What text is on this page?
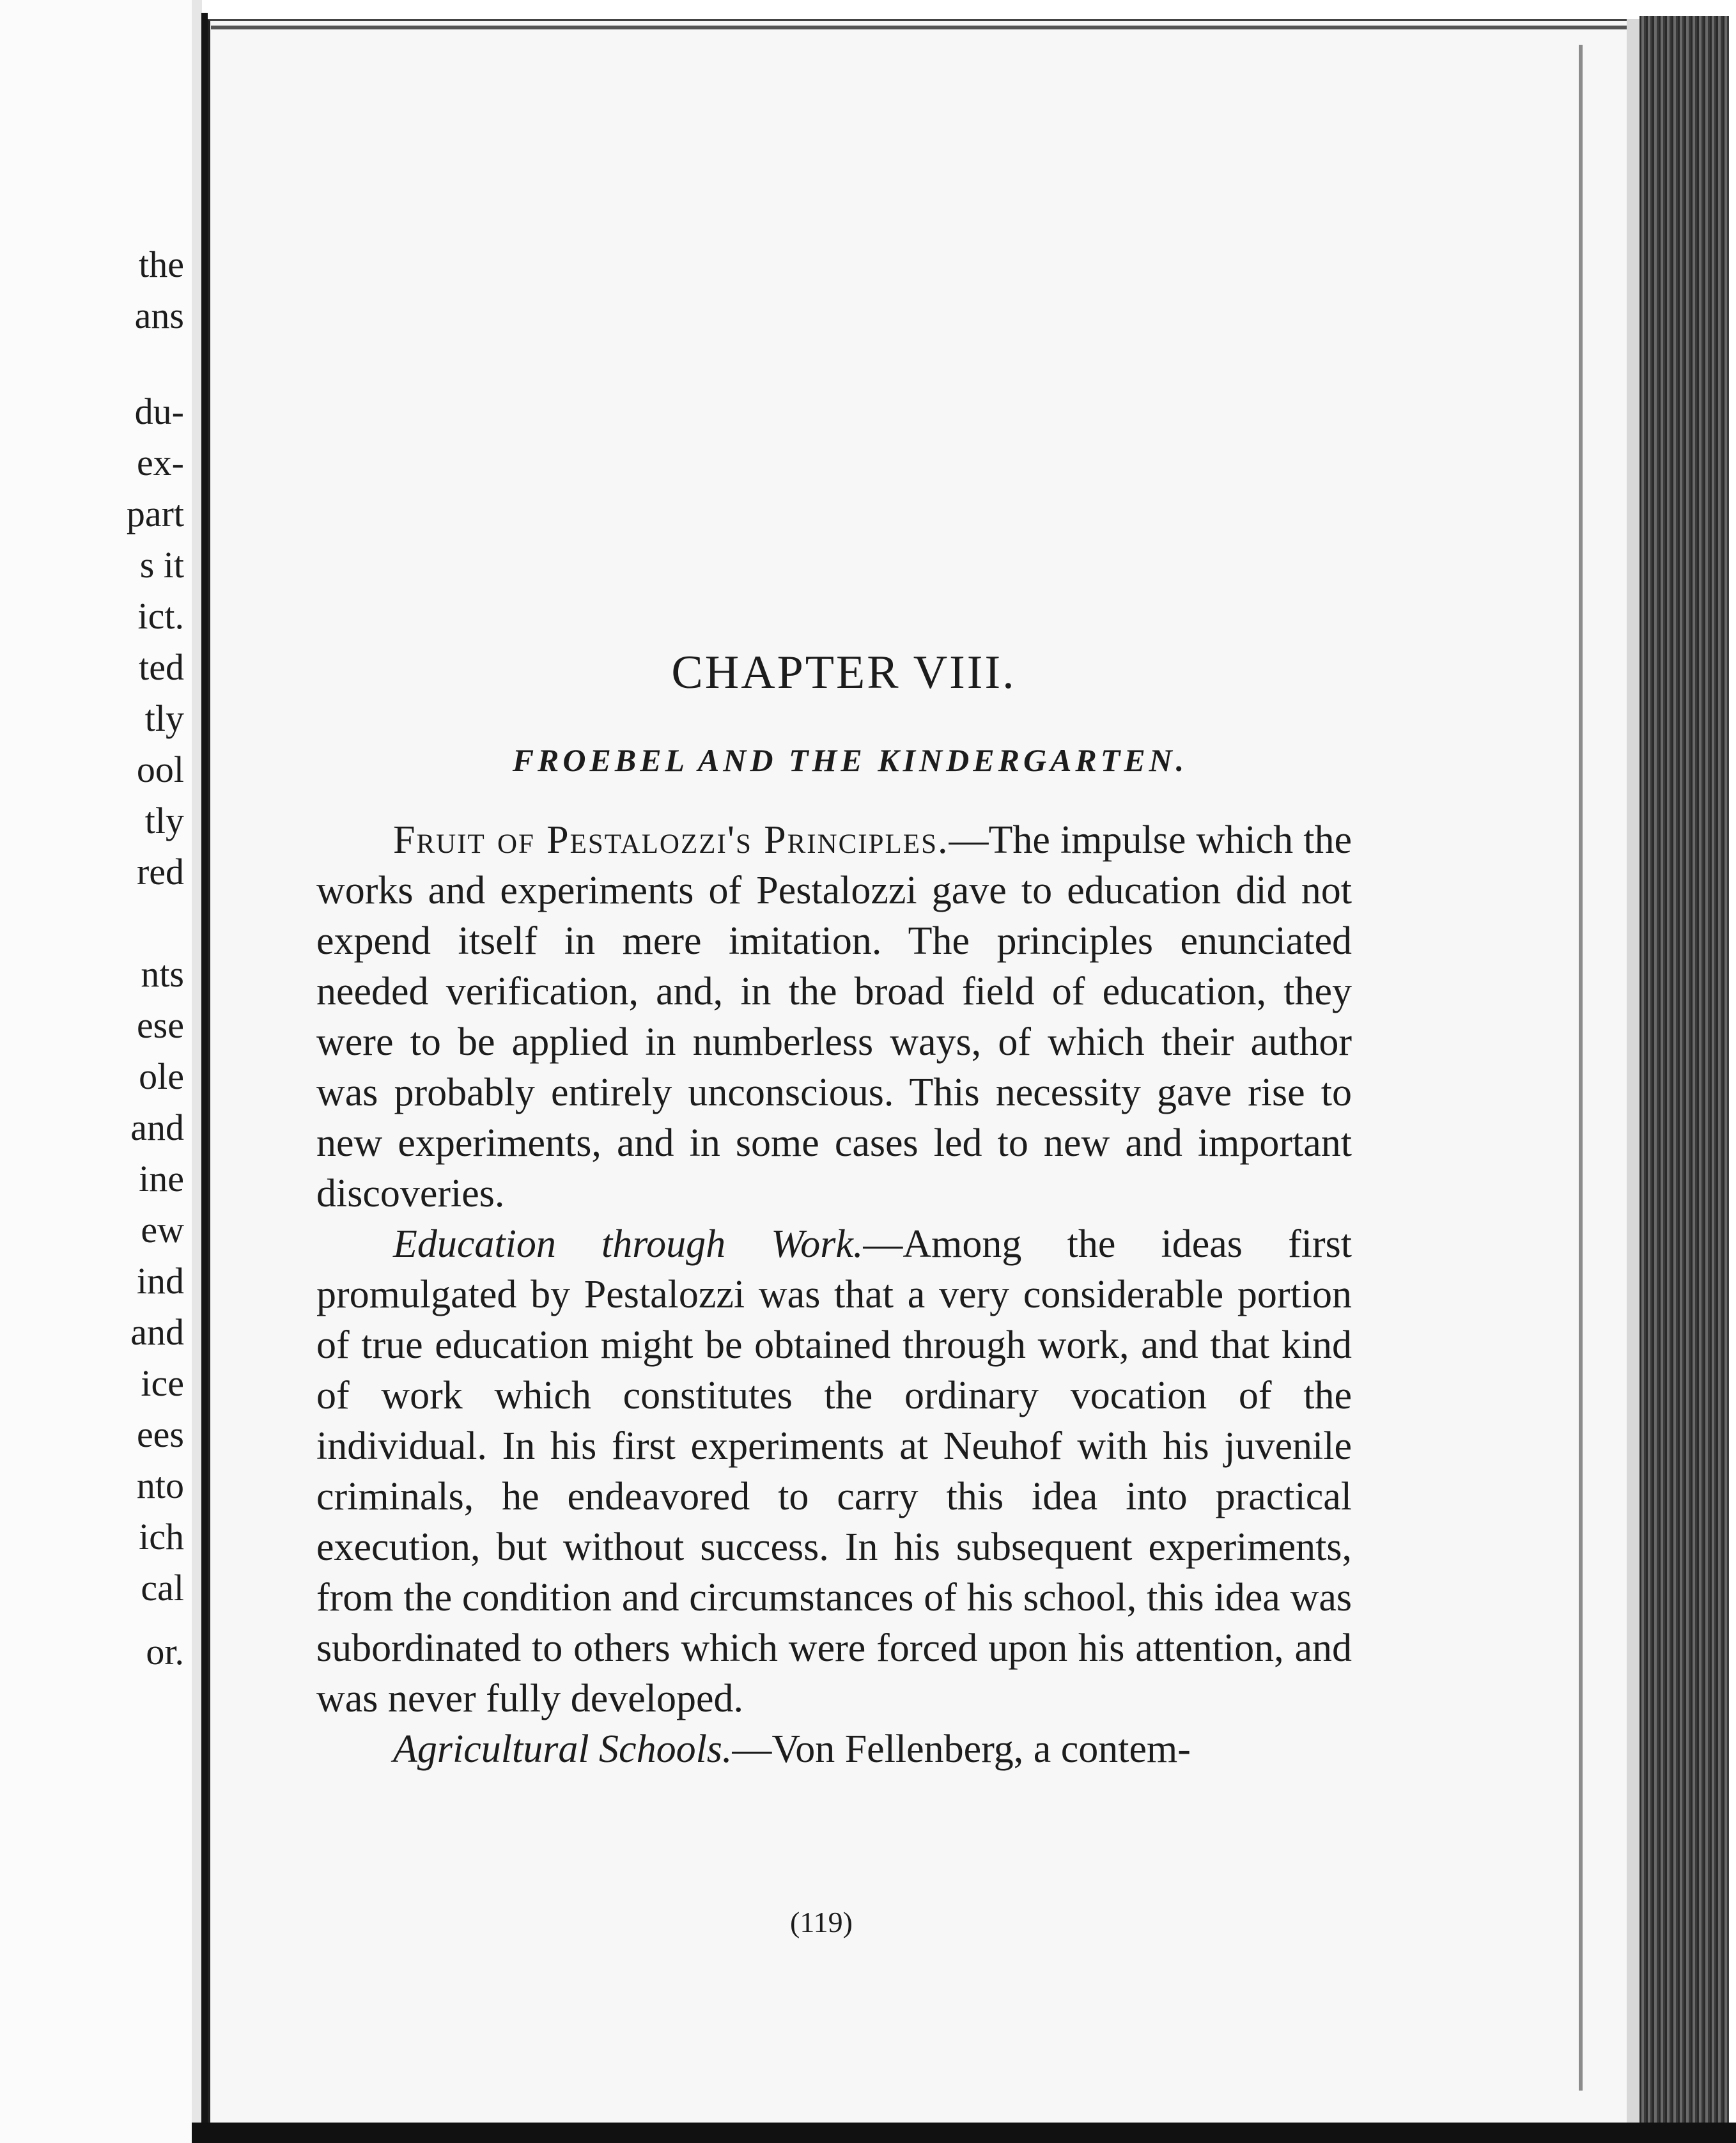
the
ans
du-
ex-
part
s it
ict.
ted
tly
ool
tly
red
nts
ese
ole
and
ine
ew
ind
and
ice
ees
nto
ich
cal
or.
CHAPTER VIII.
FROEBEL AND THE KINDERGARTEN.

Fruit of Pestalozzi's Principles.—The impulse which the works and experiments of Pestalozzi gave to education did not expend itself in mere imitation. The principles enunciated needed verification, and, in the broad field of education, they were to be applied in numberless ways, of which their author was probably entirely unconscious. This necessity gave rise to new experiments, and in some cases led to new and important discoveries.

Education through Work.—Among the ideas first promulgated by Pestalozzi was that a very considerable portion of true education might be obtained through work, and that kind of work which constitutes the ordinary vocation of the individual. In his first experiments at Neuhof with his juvenile criminals, he endeavored to carry this idea into practical execution, but without success. In his subsequent experiments, from the condition and circumstances of his school, this idea was subordinated to others which were forced upon his attention, and was never fully developed.

Agricultural Schools.—Von Fellenberg, a contem-

(119)
